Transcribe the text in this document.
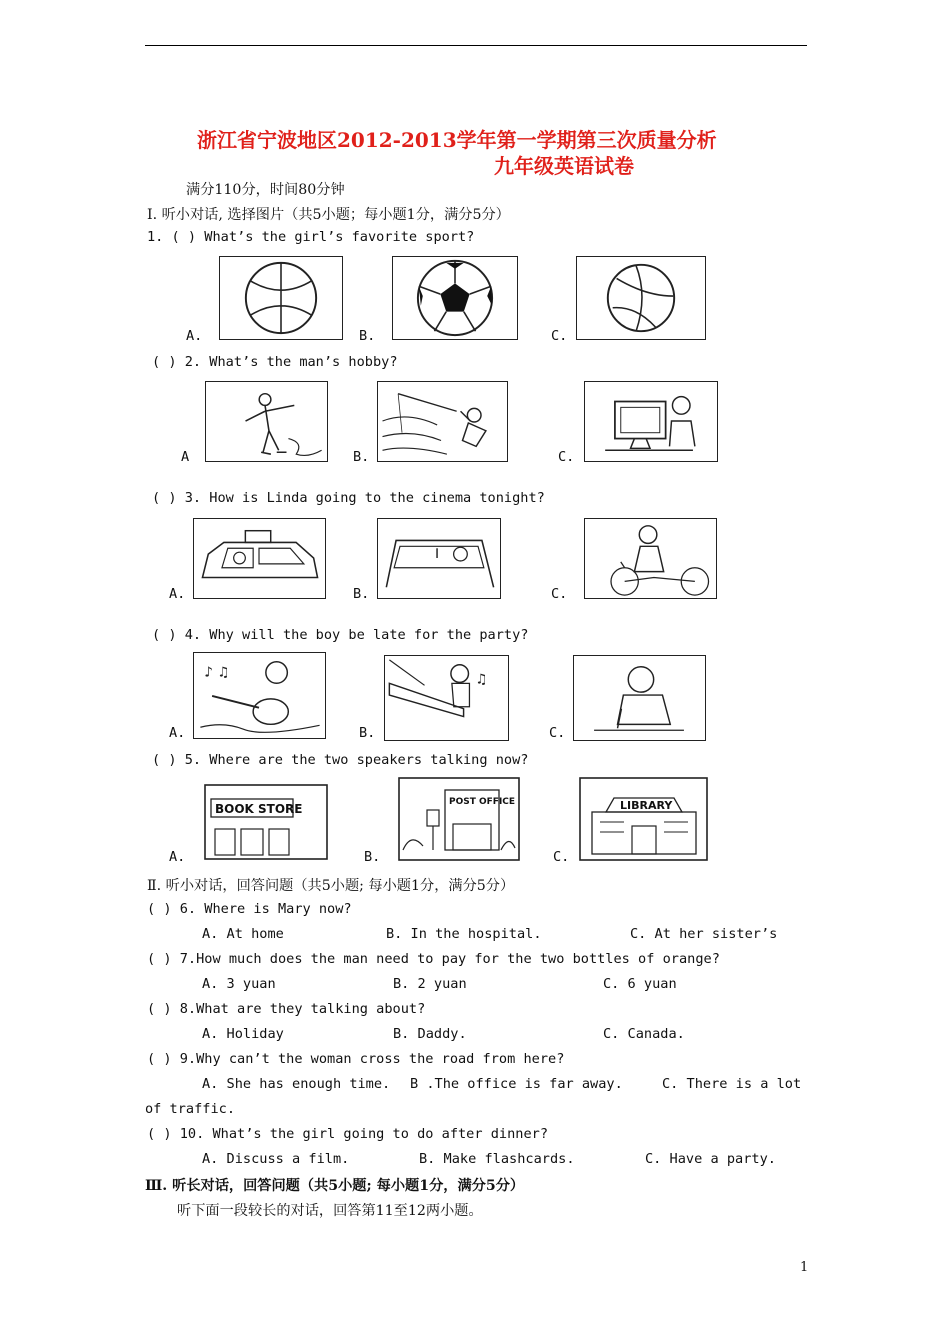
浙江省宁波地区2012-2013学年第一学期第三次质量分析
九年级英语试卷
满分110分，时间80分钟
Ⅰ. 听小对话, 选择图片（共5小题；每小题1分，满分5分）
1. ( ) What’s the girl’s favorite sport?
A.	B.	C.
( ) 2. What’s the man’s hobby?
A	B.	C.
( ) 3. How is Linda going to the cinema tonight?
A.	B.	C.
( ) 4. Why will the boy be late for the party?
♪ ♫	♫
A.	B.	C.
( ) 5. Where are the two speakers talking now?
BOOK STORE	POST OFFICE	LIBRARY
A.	B.	C.
Ⅱ. 听小对话，回答问题（共5小题; 每小题1分，满分5分）
( ) 6. Where is Mary now?
A. At home	B. In the hospital.	C. At her sister’s
( ) 7.How much does the man need to pay for the two bottles of orange?
A. 3 yuan	B. 2 yuan	C. 6 yuan
( ) 8.What are they talking about?
A. Holiday	B. Daddy.	C. Canada.
( ) 9.Why can’t the woman cross the road from here?
A. She has enough time. B .The office is far away.	C. There is a lot
of traffic.
( ) 10. What’s the girl going to do after dinner?
A. Discuss a film.	B. Make flashcards.	C. Have a party.
Ⅲ. 听长对话，回答问题（共5小题; 每小题1分，满分5分）
听下面一段较长的对话，回答第11至12两小题。
1
